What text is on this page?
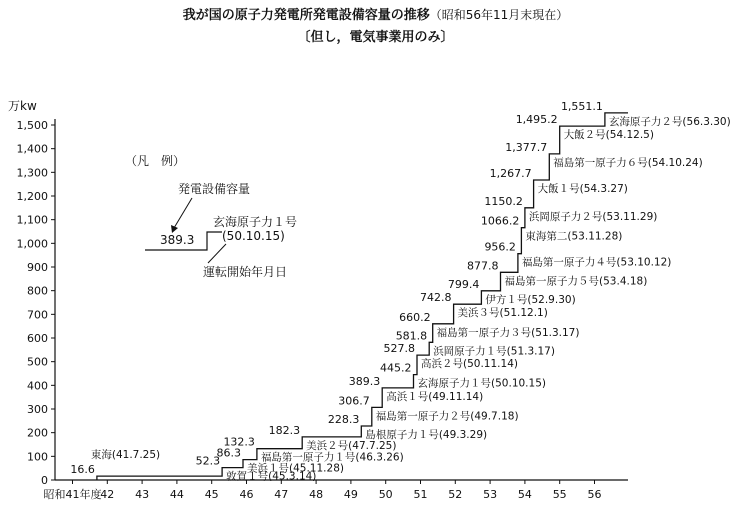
我が国の原子力発電所発電設備容量の推移（昭和56年11月末現在）
〔但し，電気事業用のみ〕
万kw
0
100
200
300
400
500
600
700
800
900
1,000
1,100
1,200
1,300
1,400
1,500
昭和41年度
42 43 44 45 46 47 48 49 50 51 52 53 54 55 56
16.6
52.3
86.3
132.3
182.3
228.3
306.7
389.3
445.2
527.8
581.8
660.2
742.8
799.4
877.8
956.2
1066.2
1150.2
1,267.7
1,377.7
1,495.2
1,551.1
東海(41.7.25)
敦賀１号(45.3.14)
美浜１号(45.11.28)
福島第一原子力１号(46.3.26)
美浜２号(47.7.25)
島根原子力１号(49.3.29)
福島第一原子力２号(49.7.18)
高浜１号(49.11.14)
玄海原子力１号(50.10.15)
高浜２号(50.11.14)
浜岡原子力１号(51.3.17)
福島第一原子力３号(51.3.17)
美浜３号(51.12.1)
伊方１号(52.9.30)
福島第一原子力５号(53.4.18)
福島第一原子力４号(53.10.12)
東海第二(53.11.28)
浜岡原子力２号(53.11.29)
大飯１号(54.3.27)
福島第一原子力６号(54.10.24)
大飯２号(54.12.5)
玄海原子力２号(56.3.30)
（凡　例）
発電設備容量
389.3
玄海原子力１号
(50.10.15)
運転開始年月日
